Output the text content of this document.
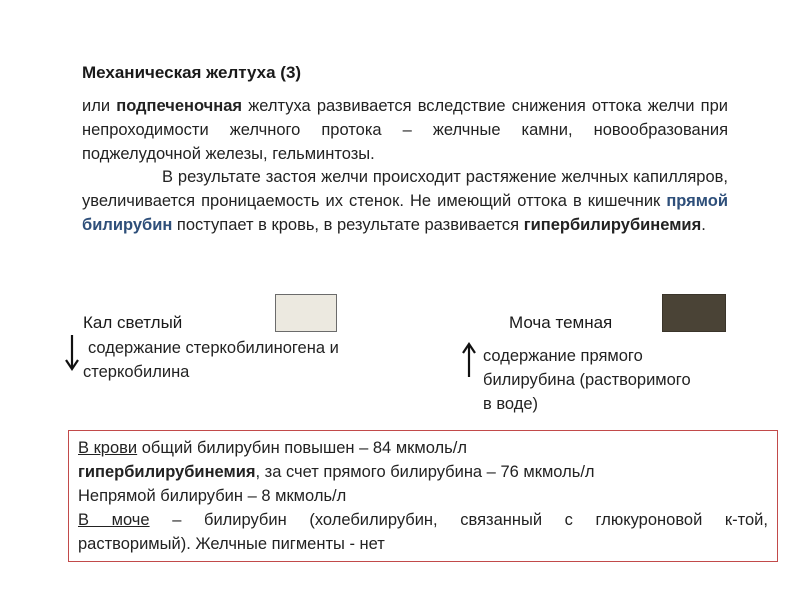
Механическая желтуха (3)
или подпеченочная желтуха развивается вследствие снижения оттока желчи при непроходимости желчного протока – желчные камни, новообразования поджелудочной железы, гельминтозы.
В результате застоя желчи происходит растяжение желчных капилляров, увеличивается проницаемость их стенок. Не имеющий оттока в кишечник прямой билирубин поступает в кровь, в результате развивается гипербилирубинемия.
Кал светлый
содержание стеркобилиногена и
стеркобилина
Моча темная
содержание прямого
билирубина (растворимого
в воде)
В крови общий билирубин повышен – 84 мкмоль/л
гипербилирубинемия, за счет прямого билирубина – 76 мкмоль/л
Непрямой билирубин – 8 мкмоль/л
В моче – билирубин (холебилирубин, связанный с глюкуроновой к-той,
растворимый). Желчные пигменты - нет
